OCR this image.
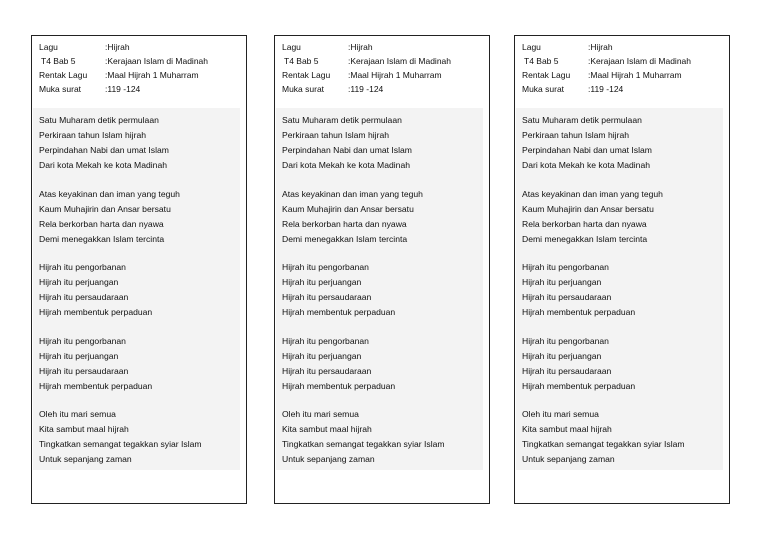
Lagu	:Hijrah
T4 Bab 5	:Kerajaan Islam di Madinah
Rentak Lagu	:Maal Hijrah 1 Muharram
Muka surat	:119 -124
Satu Muharam detik permulaan
Perkiraan tahun Islam hijrah
Perpindahan Nabi dan umat Islam
Dari kota Mekah ke kota Madinah
Atas keyakinan dan iman yang teguh
Kaum Muhajirin dan Ansar bersatu
Rela berkorban harta dan nyawa
Demi menegakkan Islam tercinta
Hijrah itu pengorbanan
Hijrah itu perjuangan
Hijrah itu persaudaraan
Hijrah membentuk perpaduan
Hijrah itu pengorbanan
Hijrah itu perjuangan
Hijrah itu persaudaraan
Hijrah membentuk perpaduan
Oleh itu mari semua
Kita sambut maal hijrah
Tingkatkan semangat tegakkan syiar Islam
Untuk sepanjang zaman
Lagu	:Hijrah
T4 Bab 5	:Kerajaan Islam di Madinah
Rentak Lagu	:Maal Hijrah 1 Muharram
Muka surat	:119 -124
Satu Muharam detik permulaan
Perkiraan tahun Islam hijrah
Perpindahan Nabi dan umat Islam
Dari kota Mekah ke kota Madinah
Atas keyakinan dan iman yang teguh
Kaum Muhajirin dan Ansar bersatu
Rela berkorban harta dan nyawa
Demi menegakkan Islam tercinta
Hijrah itu pengorbanan
Hijrah itu perjuangan
Hijrah itu persaudaraan
Hijrah membentuk perpaduan
Hijrah itu pengorbanan
Hijrah itu perjuangan
Hijrah itu persaudaraan
Hijrah membentuk perpaduan
Oleh itu mari semua
Kita sambut maal hijrah
Tingkatkan semangat tegakkan syiar Islam
Untuk sepanjang zaman
Lagu	:Hijrah
T4 Bab 5	:Kerajaan Islam di Madinah
Rentak Lagu	:Maal Hijrah 1 Muharram
Muka surat	:119 -124
Satu Muharam detik permulaan
Perkiraan tahun Islam hijrah
Perpindahan Nabi dan umat Islam
Dari kota Mekah ke kota Madinah
Atas keyakinan dan iman yang teguh
Kaum Muhajirin dan Ansar bersatu
Rela berkorban harta dan nyawa
Demi menegakkan Islam tercinta
Hijrah itu pengorbanan
Hijrah itu perjuangan
Hijrah itu persaudaraan
Hijrah membentuk perpaduan
Hijrah itu pengorbanan
Hijrah itu perjuangan
Hijrah itu persaudaraan
Hijrah membentuk perpaduan
Oleh itu mari semua
Kita sambut maal hijrah
Tingkatkan semangat tegakkan syiar Islam
Untuk sepanjang zaman
